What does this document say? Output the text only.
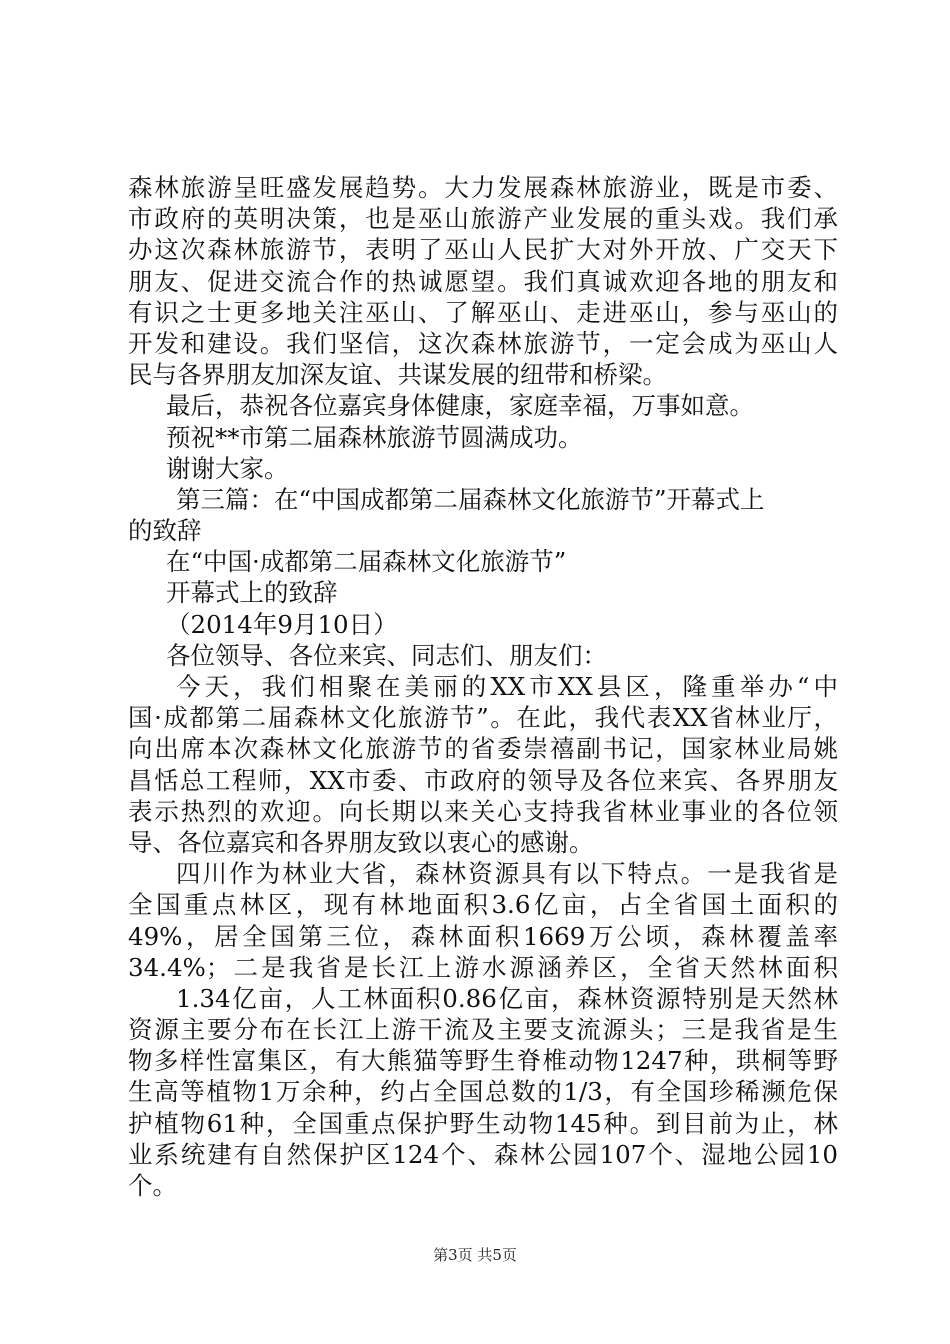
森林旅游呈旺盛发展趋势。大力发展森林旅游业，既是市委、
市政府的英明决策，也是巫山旅游产业发展的重头戏。我们承
办这次森林旅游节，表明了巫山人民扩大对外开放、广交天下
朋友、促进交流合作的热诚愿望。我们真诚欢迎各地的朋友和
有识之士更多地关注巫山、了解巫山、走进巫山，参与巫山的
开发和建设。我们坚信，这次森林旅游节，一定会成为巫山人
民与各界朋友加深友谊、共谋发展的纽带和桥梁。
最后，恭祝各位嘉宾身体健康，家庭幸福，万事如意。
预祝**市第二届森林旅游节圆满成功。
谢谢大家。
第三篇：在“中国成都第二届森林文化旅游节”开幕式上
的致辞
在“中国·成都第二届森林文化旅游节”
开幕式上的致辞
（2014年9月10日）
各位领导、各位来宾、同志们、朋友们：
今天，我们相聚在美丽的XX市XX县区，隆重举办“中
国·成都第二届森林文化旅游节”。在此，我代表XX省林业厅，
向出席本次森林文化旅游节的省委崇禧副书记，国家林业局姚
昌恬总工程师，XX市委、市政府的领导及各位来宾、各界朋友
表示热烈的欢迎。向长期以来关心支持我省林业事业的各位领
导、各位嘉宾和各界朋友致以衷心的感谢。
四川作为林业大省，森林资源具有以下特点。一是我省是
全国重点林区，现有林地面积3.6亿亩，占全省国土面积的
49%，居全国第三位，森林面积1669万公顷，森林覆盖率
34.4%；二是我省是长江上游水源涵养区，全省天然林面积
1.34亿亩，人工林面积0.86亿亩，森林资源特别是天然林
资源主要分布在长江上游干流及主要支流源头；三是我省是生
物多样性富集区，有大熊猫等野生脊椎动物1247种，珙桐等野
生高等植物1万余种，约占全国总数的1/3，有全国珍稀濒危保
护植物61种，全国重点保护野生动物145种。到目前为止，林
业系统建有自然保护区124个、森林公园107个、湿地公园10
个。
第3页 共5页
